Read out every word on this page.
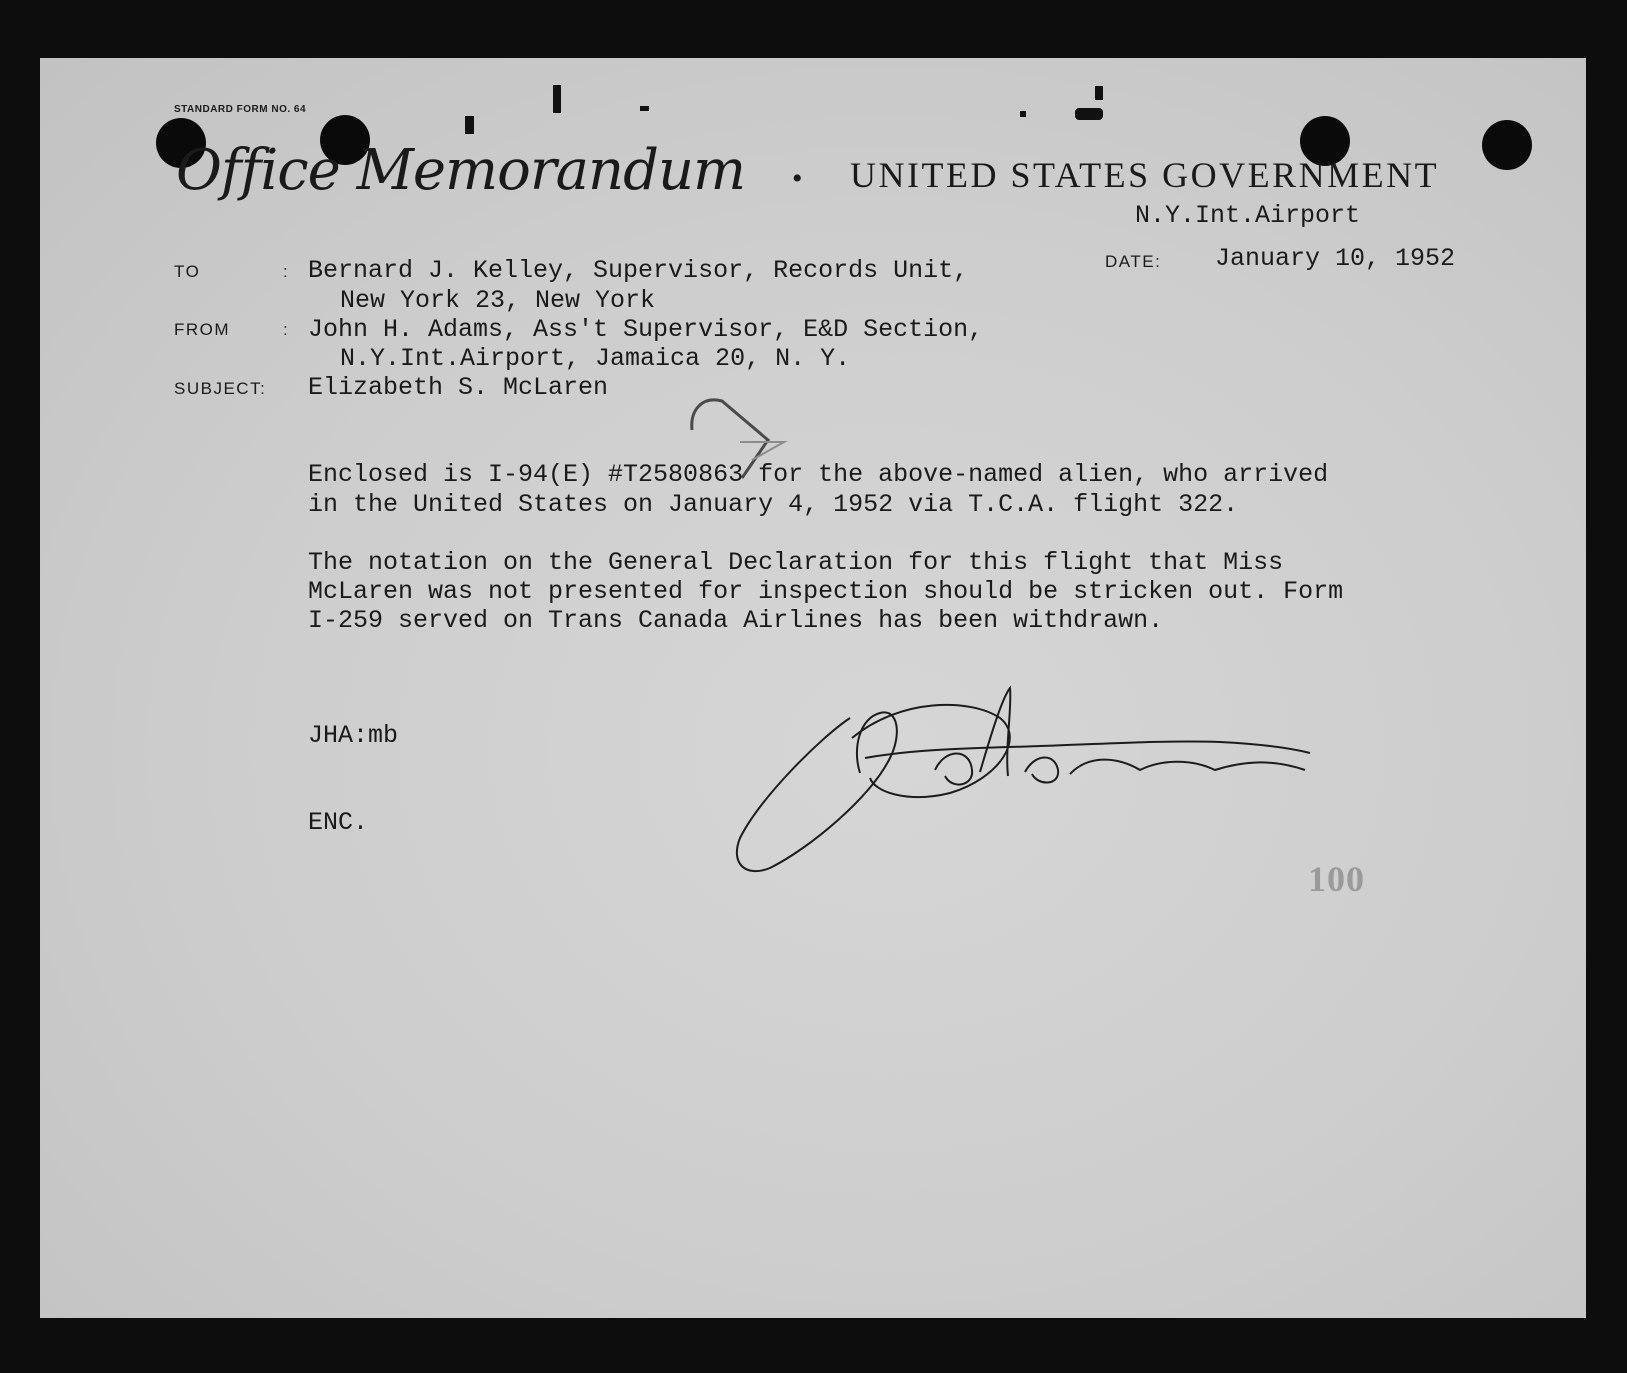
STANDARD FORM NO. 64
Office Memorandum • UNITED STATES GOVERNMENT
N.Y.Int.Airport
DATE: January 10, 1952
TO	: Bernard J. Kelley, Supervisor, Records Unit,
New York 23, New York
FROM	: John H. Adams, Ass't Supervisor, E&D Section,
N.Y.Int.Airport, Jamaica 20, N. Y.
SUBJECT: Elizabeth S. McLaren
Enclosed is I-94(E) #T2580863 for the above-named alien, who arrived
in the United States on January 4, 1952 via T.C.A. flight 322.
The notation on the General Declaration for this flight that Miss
McLaren was not presented for inspection should be stricken out. Form
I-259 served on Trans Canada Airlines has been withdrawn.
JHA:mb
ENC.
100
